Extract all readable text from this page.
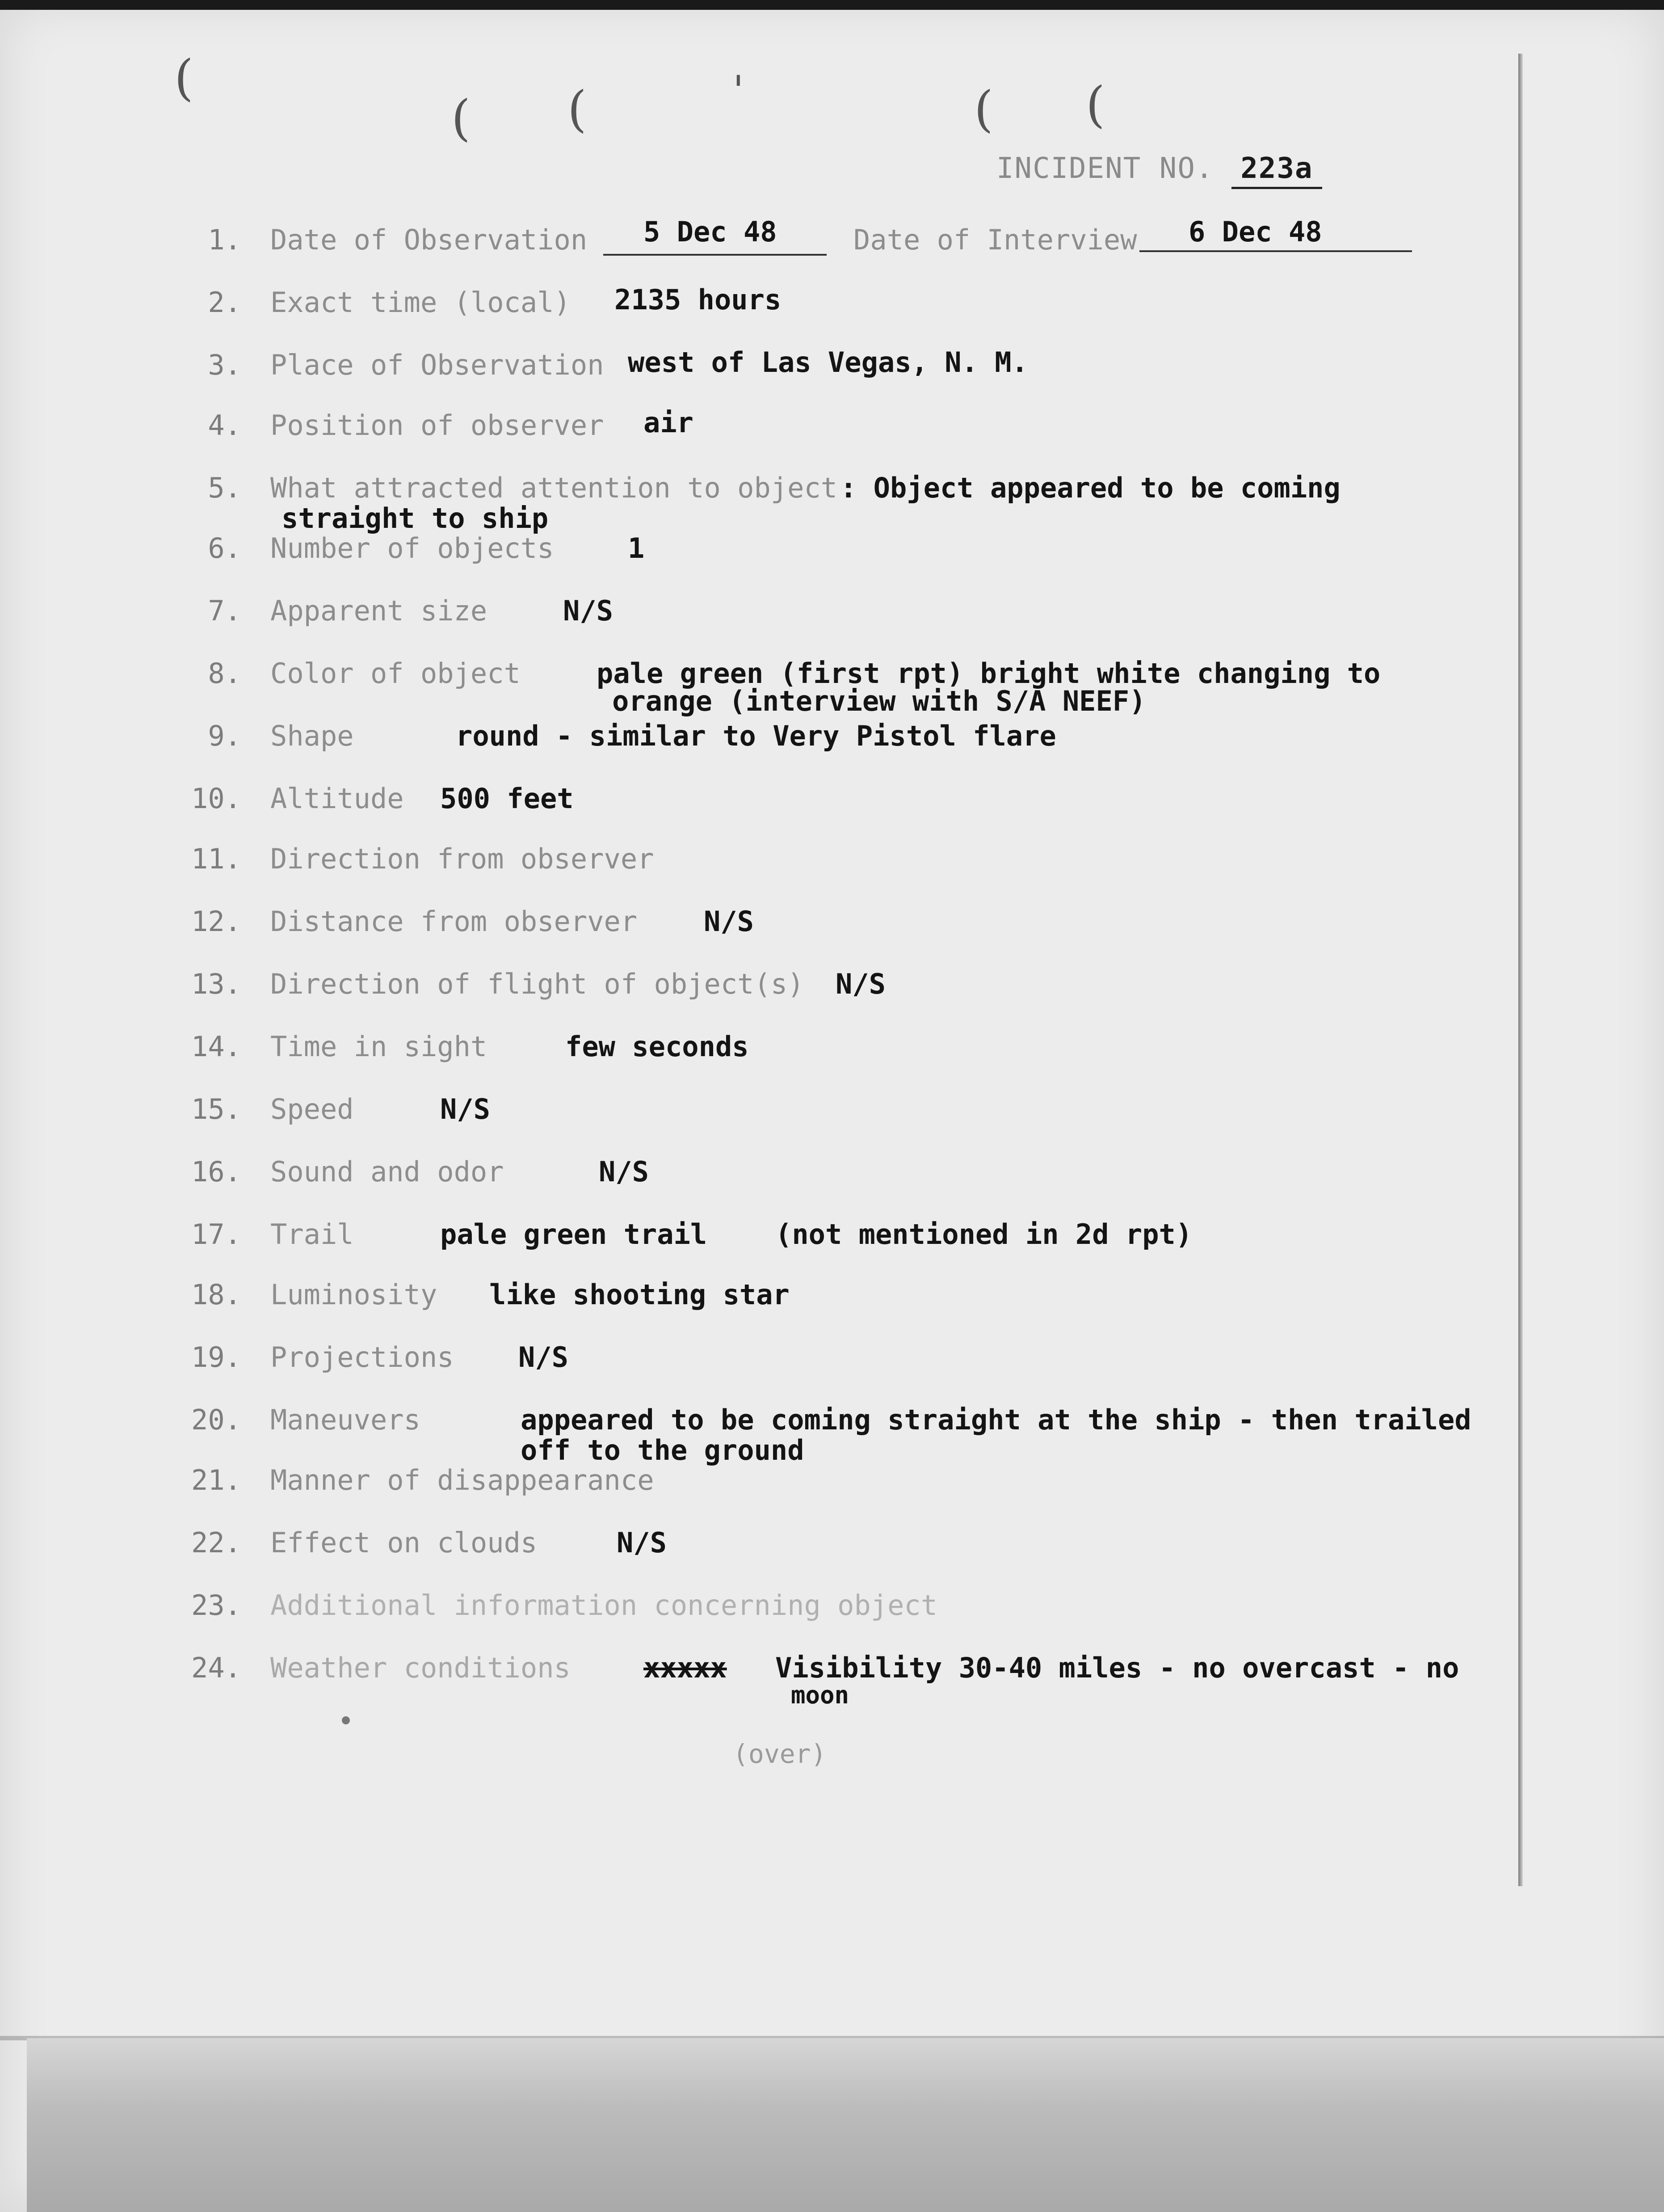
(
( (	'	( (
INCIDENT NO. 223a
1. Date of Observation 5 Dec 48	Date of Interview 6 Dec 48
2. Exact time (local) 2135 hours
3. Place of Observation west of Las Vegas, N. M.
4. Position of observer air
5. What attracted attention to object : Object appeared to be coming
straight to ship
6. Number of objects	1
7. Apparent size	N/S
8. Color of object	pale green (first rpt) bright white changing to
orange (interview with S/A NEEF)
9. Shape	round - similar to Very Pistol flare
10. Altitude 500 feet
11. Direction from observer
12. Distance from observer N/S
13. Direction of flight of object(s) N/S
14. Time in sight	few seconds
15. Speed	N/S
16. Sound and odor	N/S
17. Trail	pale green trail (not mentioned in 2d rpt)
18. Luminosity like shooting star
19. Projections N/S
20. Maneuvers	appeared to be coming straight at the ship - then trailed
off to the ground
21. Manner of disappearance
22. Effect on clouds	N/S
23. Additional information concerning object
24. Weather conditions	xxxxx Visibility 30-40 miles - no overcast - no
moon
(over)
